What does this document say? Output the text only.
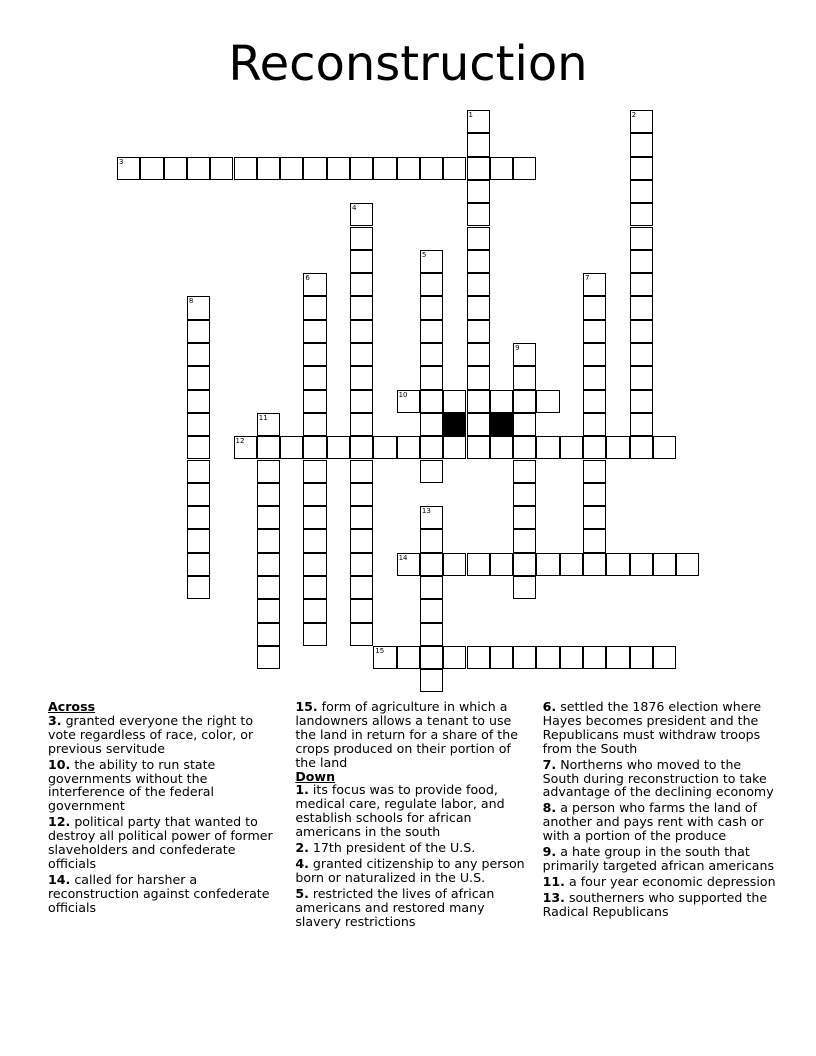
Reconstruction
3
10
12
14
15
1	2
4
5
6	7
8
9
11
13

Across

3. granted everyone the right to vote regardless of race, color, or previous servitude

10. the ability to run state governments without the interference of the federal government

12. political party that wanted to destroy all political power of former slaveholders and confederate officials

14. called for harsher a reconstruction against confederate officials

15. form of agriculture in which a landowners allows a tenant to use the land in return for a share of the crops produced on their portion of the land

Down

1. its focus was to provide food, medical care, regulate labor, and establish schools for african americans in the south

2. 17th president of the U.S.

4. granted citizenship to any person born or naturalized in the U.S.

5. restricted the lives of african americans and restored many slavery restrictions

6. settled the 1876 election where Hayes becomes president and the Republicans must withdraw troops from the South

7. Northerns who moved to the South during reconstruction to take advantage of the declining economy

8. a person who farms the land of another and pays rent with cash or with a portion of the produce

9. a hate group in the south that primarily targeted african americans

11. a four year economic depression

13. southerners who supported the Radical Republicans
